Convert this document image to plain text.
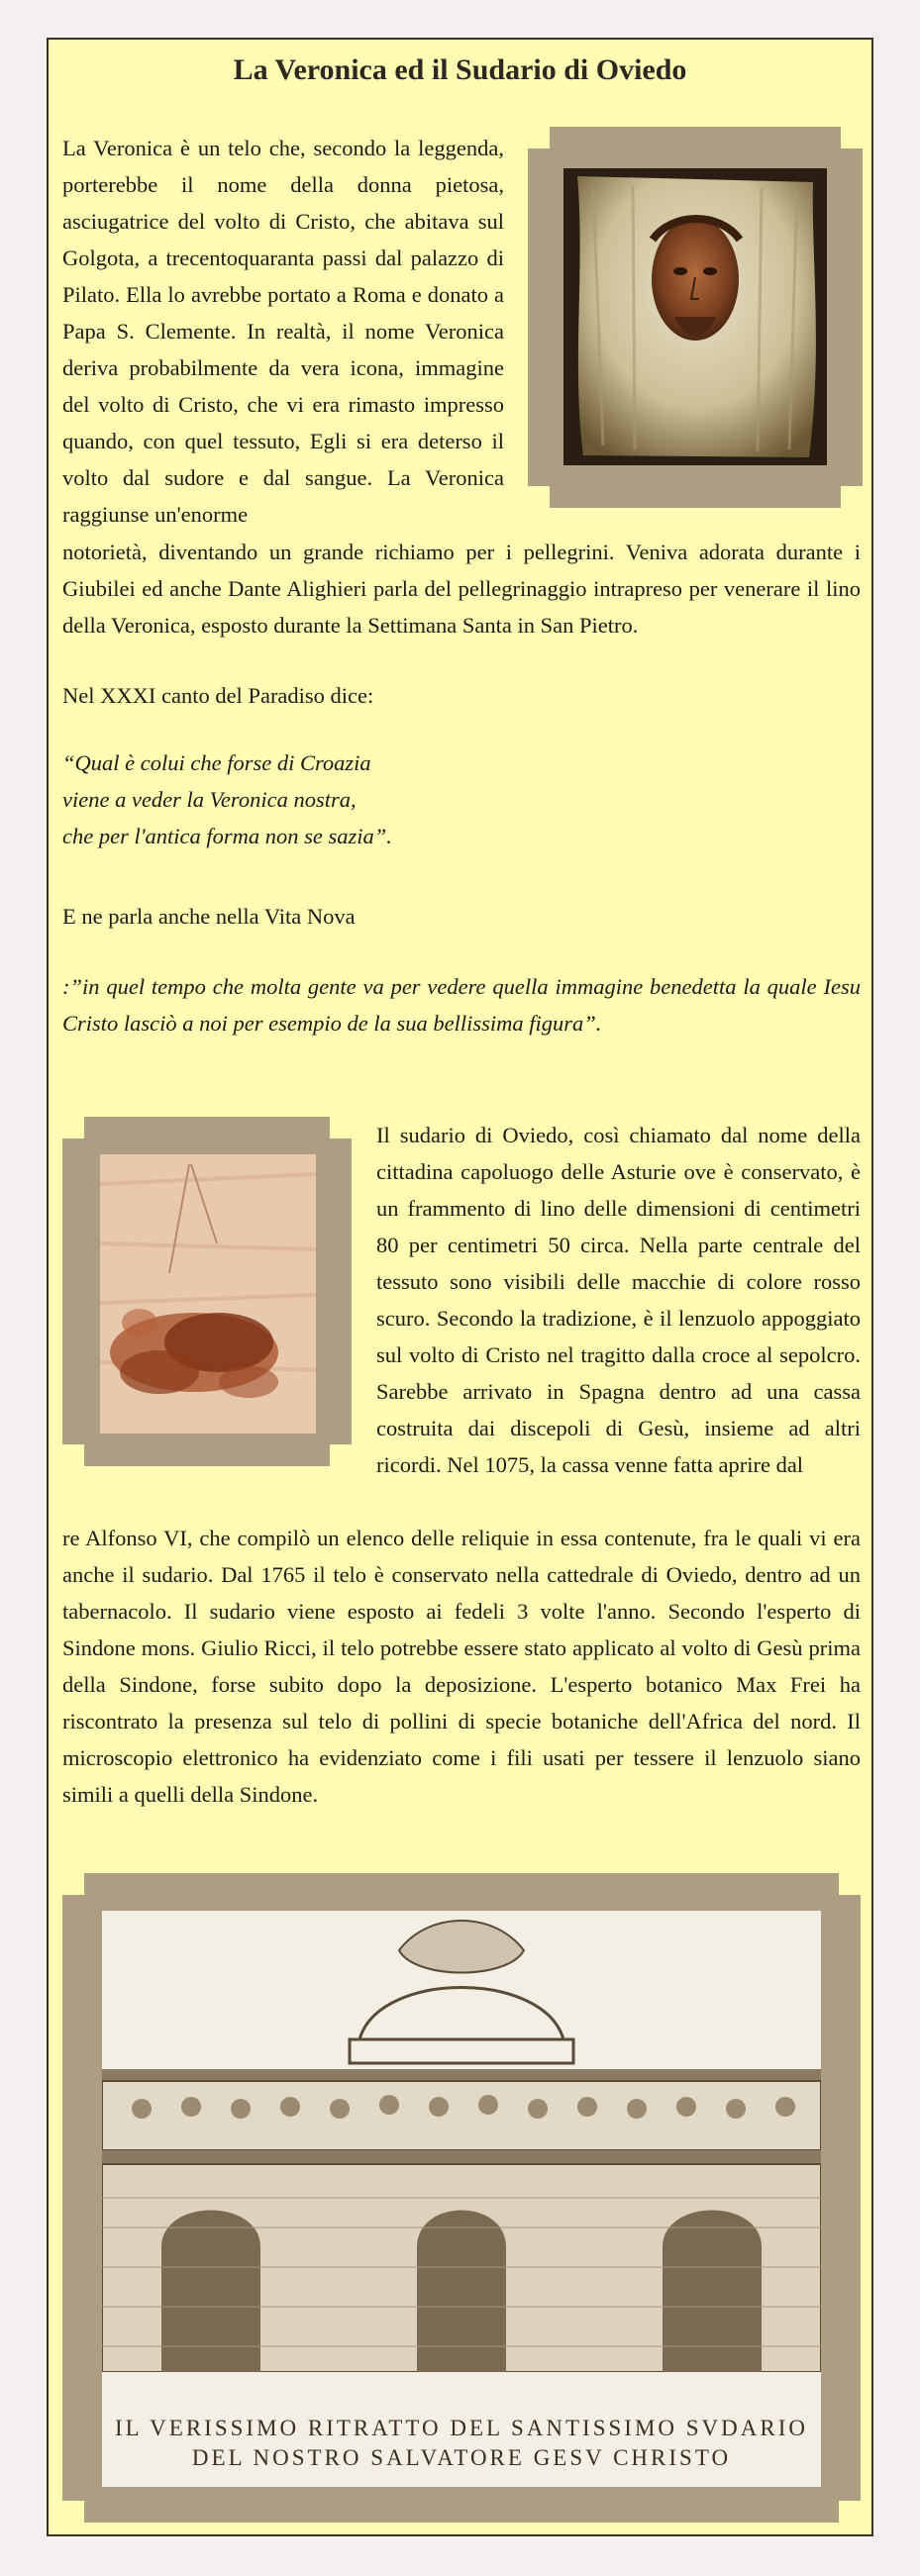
La Veronica ed il Sudario di Oviedo

La Veronica è un telo che, secondo la leggenda, porterebbe il nome della donna pietosa, asciugatrice del volto di Cristo, che abitava sul Golgota, a trecentoquaranta passi dal palazzo di Pilato. Ella lo avrebbe portato a Roma e donato a Papa S. Clemente. In realtà, il nome Veronica deriva probabilmente da vera icona, immagine del volto di Cristo, che vi era rimasto impresso quando, con quel tessuto, Egli si era deterso il volto dal sudore e dal sangue. La Veronica raggiunse un'enorme

notorietà, diventando un grande richiamo per i pellegrini. Veniva adorata durante i Giubilei ed anche Dante Alighieri parla del pellegrinaggio intrapreso per venerare il lino della Veronica, esposto durante la Settimana Santa in San Pietro.

Nel XXXI canto del Paradiso dice:

“Qual è colui che forse di Croazia
viene a veder la Veronica nostra,
che per l'antica forma non se sazia”.

E ne parla anche nella Vita Nova

:”in quel tempo che molta gente va per vedere quella immagine benedetta la quale Iesu Cristo lasciò a noi per esempio de la sua bellissima figura”.

Il sudario di Oviedo, così chiamato dal nome della cittadina capoluogo delle Asturie ove è conservato, è un frammento di lino delle dimensioni di centimetri 80 per centimetri 50 circa. Nella parte centrale del tessuto sono visibili delle macchie di colore rosso scuro. Secondo la tradizione, è il lenzuolo appoggiato sul volto di Cristo nel tragitto dalla croce al sepolcro. Sarebbe arrivato in Spagna dentro ad una cassa costruita dai discepoli di Gesù, insieme ad altri ricordi. Nel 1075, la cassa venne fatta aprire dal

re Alfonso VI, che compilò un elenco delle reliquie in essa contenute, fra le quali vi era anche il sudario. Dal 1765 il telo è conservato nella cattedrale di Oviedo, dentro ad un tabernacolo. Il sudario viene esposto ai fedeli 3 volte l'anno. Secondo l'esperto di Sindone mons. Giulio Ricci, il telo potrebbe essere stato applicato al volto di Gesù prima della Sindone, forse subito dopo la deposizione. L'esperto botanico Max Frei ha riscontrato la presenza sul telo di pollini di specie botaniche dell'Africa del nord. Il microscopio elettronico ha evidenziato come i fili usati per tessere il lenzuolo siano simili a quelli della Sindone.

IL VERISSIMO RITRATTO DEL SANTISSIMO SVDARIO
DEL NOSTRO SALVATORE GESV CHRISTO
